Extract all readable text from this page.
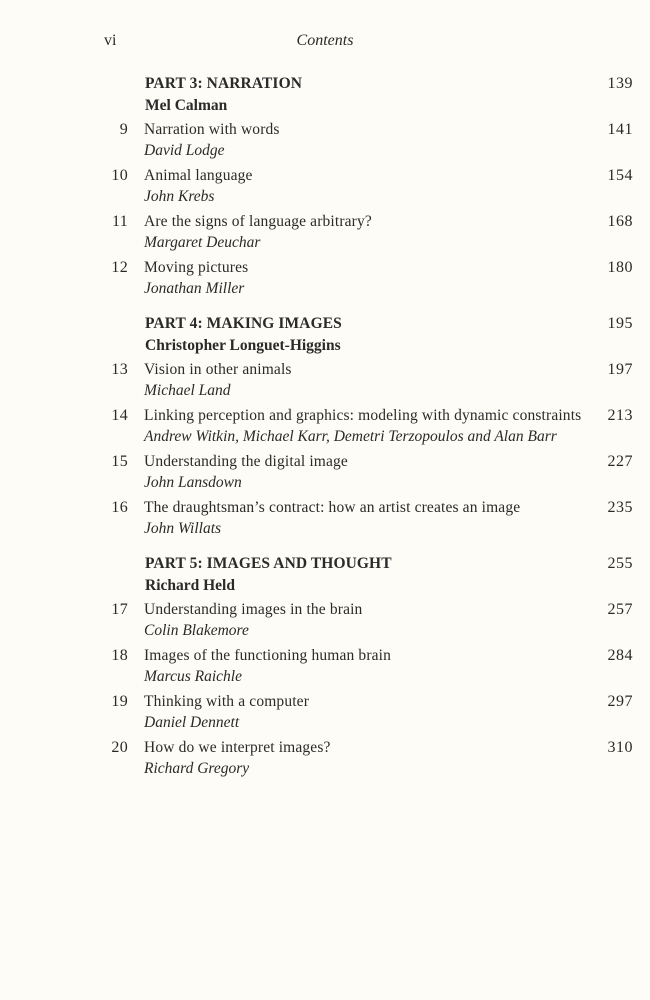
vi	Contents
PART 3: NARRATION
Mel Calman
139
9 Narration with words
David Lodge
141
10 Animal language
John Krebs
154
11 Are the signs of language arbitrary?
Margaret Deuchar
168
12 Moving pictures
Jonathan Miller
180
PART 4: MAKING IMAGES
Christopher Longuet-Higgins
195
13 Vision in other animals
Michael Land
197
14 Linking perception and graphics: modeling with dynamic constraints
Andrew Witkin, Michael Karr, Demetri Terzopoulos and Alan Barr
213
15 Understanding the digital image
John Lansdown
227
16 The draughtsman’s contract: how an artist creates an image
John Willats
235
PART 5: IMAGES AND THOUGHT
Richard Held
255
17 Understanding images in the brain
Colin Blakemore
257
18 Images of the functioning human brain
Marcus Raichle
284
19 Thinking with a computer
Daniel Dennett
297
20 How do we interpret images?
Richard Gregory
310
